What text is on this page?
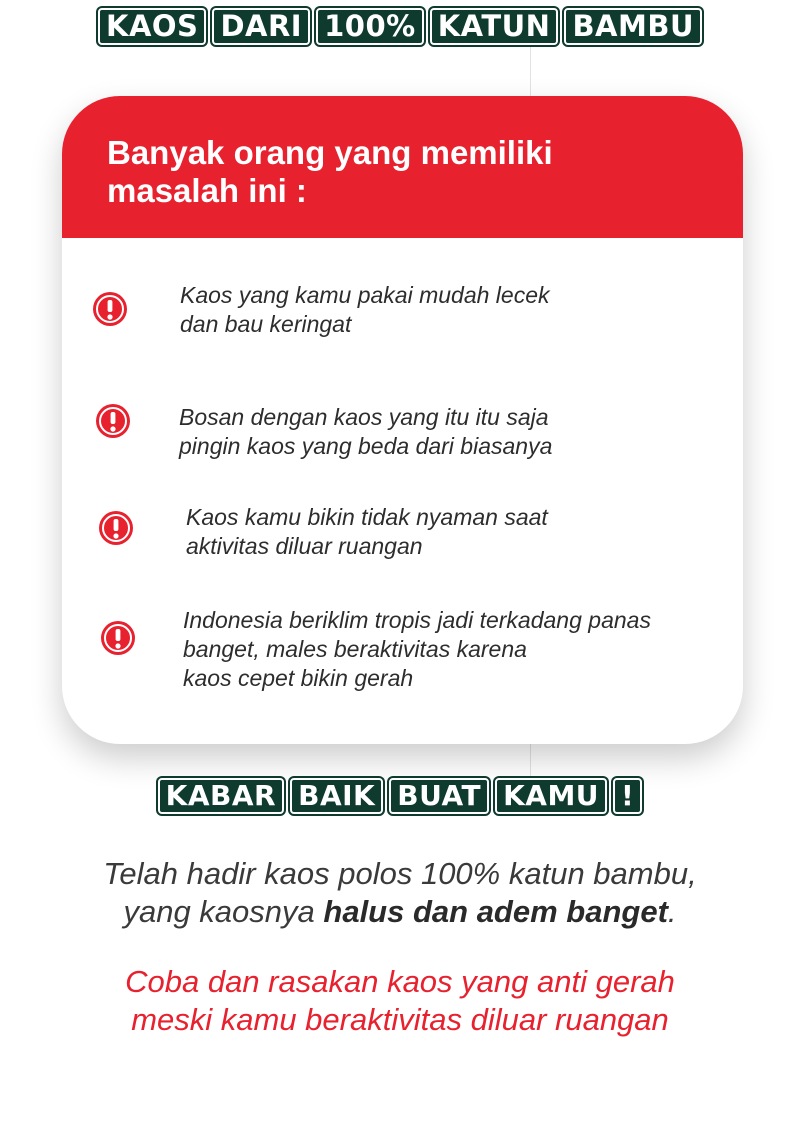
KAOS DARI 100% KATUN BAMBU

Banyak orang yang memiliki
masalah ini :

Kaos yang kamu pakai mudah lecek
dan bau keringat

Bosan dengan kaos yang itu itu saja
pingin kaos yang beda dari biasanya

Kaos kamu bikin tidak nyaman saat
aktivitas diluar ruangan

Indonesia beriklim tropis jadi terkadang panas
banget, males beraktivitas karena
kaos cepet bikin gerah

KABAR BAIK BUAT KAMU !

Telah hadir kaos polos 100% katun bambu,

yang kaosnya halus dan adem banget.

Coba dan rasakan kaos yang anti gerah

meski kamu beraktivitas diluar ruangan
